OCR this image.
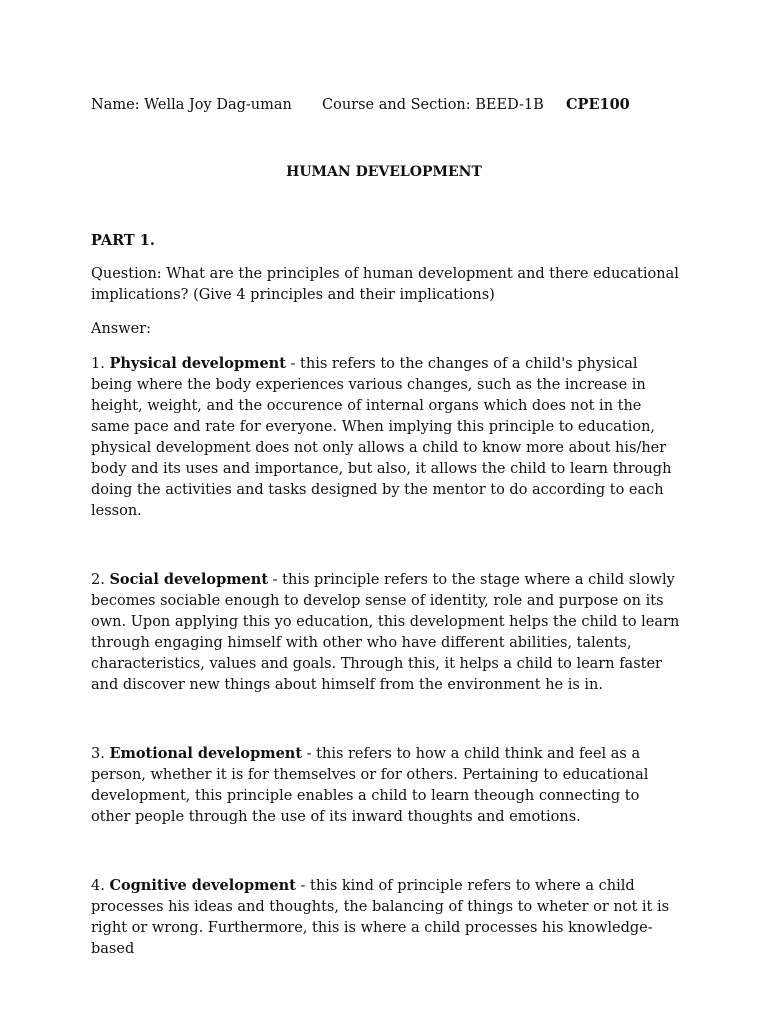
Name: Wella Joy Dag-uman Course and Section: BEED-1B CPE100
HUMAN DEVELOPMENT

PART 1.

Question: What are the principles of human development and there educational implications? (Give 4 principles and their implications)

Answer:

1. Physical development - this refers to the changes of a child's physical being where the body experiences various changes, such as the increase in height, weight, and the occurence of internal organs which does not in the same pace and rate for everyone. When implying this principle to education, physical development does not only allows a child to know more about his/her body and its uses and importance, but also, it allows the child to learn through doing the activities and tasks designed by the mentor to do according to each lesson.

2. Social development - this principle refers to the stage where a child slowly becomes sociable enough to develop sense of identity, role and purpose on its own. Upon applying this yo education, this development helps the child to learn through engaging himself with other who have different abilities, talents, characteristics, values and goals. Through this, it helps a child to learn faster and discover new things about himself from the environment he is in.

3. Emotional development - this refers to how a child think and feel as a person, whether it is for themselves or for others. Pertaining to educational development, this principle enables a child to learn theough connecting to other people through the use of its inward thoughts and emotions.

4. Cognitive development - this kind of principle refers to where a child processes his ideas and thoughts, the balancing of things to wheter or not it is right or wrong. Furthermore, this is where a child processes his knowledge-based
